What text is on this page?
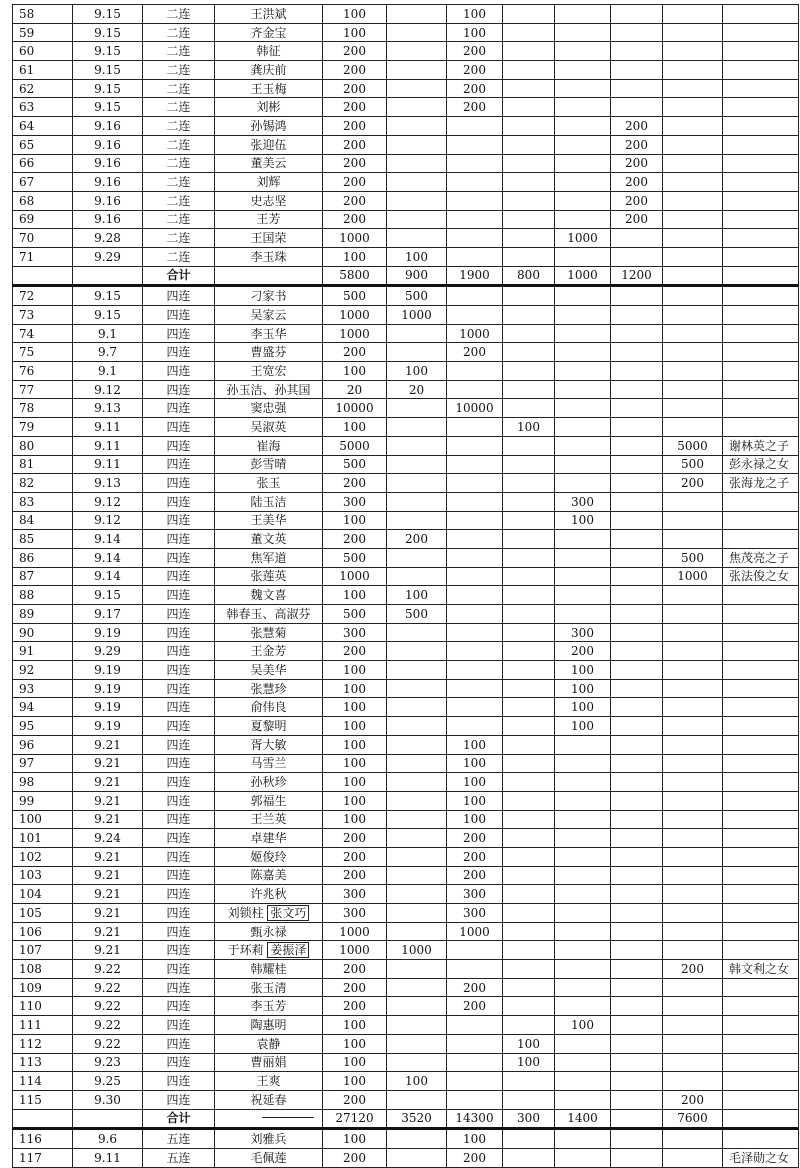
58	9.15	二连	王洪斌	100		100					
59	9.15	二连	齐金宝	100		100					
60	9.15	二连	韩征	200		200					
61	9.15	二连	龚庆前	200		200					
62	9.15	二连	王玉梅	200		200					
63	9.15	二连	刘彬	200		200					
64	9.16	二连	孙锡鸿	200					200		
65	9.16	二连	张迎伍	200					200		
66	9.16	二连	董美云	200					200		
67	9.16	二连	刘辉	200					200		
68	9.16	二连	史志坚	200					200		
69	9.16	二连	王芳	200					200		
70	9.28	二连	王国荣	1000				1000			
71	9.29	二连	李玉珠	100	100						
		合计		5800	900	1900	800	1000	1200		
72	9.15	四连	刁家书	500	500						
73	9.15	四连	吴家云	1000	1000						
74	9.1	四连	李玉华	1000		1000					
75	9.7	四连	曹盛芬	200		200					
76	9.1	四连	王宽宏	100	100						
77	9.12	四连	孙玉洁、孙其国	20	20						
78	9.13	四连	窦忠强	10000		10000					
79	9.11	四连	吴淑英	100			100				
80	9.11	四连	崔海	5000						5000	谢林英之子
81	9.11	四连	彭雪晴	500						500	彭永禄之女
82	9.13	四连	张玉	200						200	张海龙之子
83	9.12	四连	陆玉洁	300				300			
84	9.12	四连	王美华	100				100			
85	9.14	四连	董文英	200	200						
86	9.14	四连	焦军道	500						500	焦茂亮之子
87	9.14	四连	张莲英	1000						1000	张法俊之女
88	9.15	四连	魏文喜	100	100						
89	9.17	四连	韩春玉、高淑芬	500	500						
90	9.19	四连	张慧菊	300				300			
91	9.29	四连	王金芳	200				200			
92	9.19	四连	吴美华	100				100			
93	9.19	四连	张慧珍	100				100			
94	9.19	四连	俞伟良	100				100			
95	9.19	四连	夏黎明	100				100			
96	9.21	四连	胥大敏	100		100					
97	9.21	四连	马雪兰	100		100					
98	9.21	四连	孙秋珍	100		100					
99	9.21	四连	郭福生	100		100					
100	9.21	四连	王兰英	100		100					
101	9.24	四连	卓建华	200		200					
102	9.21	四连	姬俊玲	200		200					
103	9.21	四连	陈嘉美	200		200					
104	9.21	四连	许兆秋	300		300					
105	9.21	四连	刘锁柱 张文巧	300		300					
106	9.21	四连	甄永禄	1000		1000					
107	9.21	四连	于环莉 姜振泽	1000	1000						
108	9.22	四连	韩耀桂	200						200	韩文利之女
109	9.22	四连	张玉清	200		200					
110	9.22	四连	李玉芳	200		200					
111	9.22	四连	陶惠明	100				100			
112	9.22	四连	袁静	100			100				
113	9.23	四连	曹丽娟	100			100				
114	9.25	四连	王爽	100	100						
115	9.30	四连	祝延春	200						200	
		合计		27120	3520	14300	300	1400		7600	
116	9.6	五连	刘雅兵	100		100					
117	9.11	五连	毛佩莲	200		200					毛泽勋之女
